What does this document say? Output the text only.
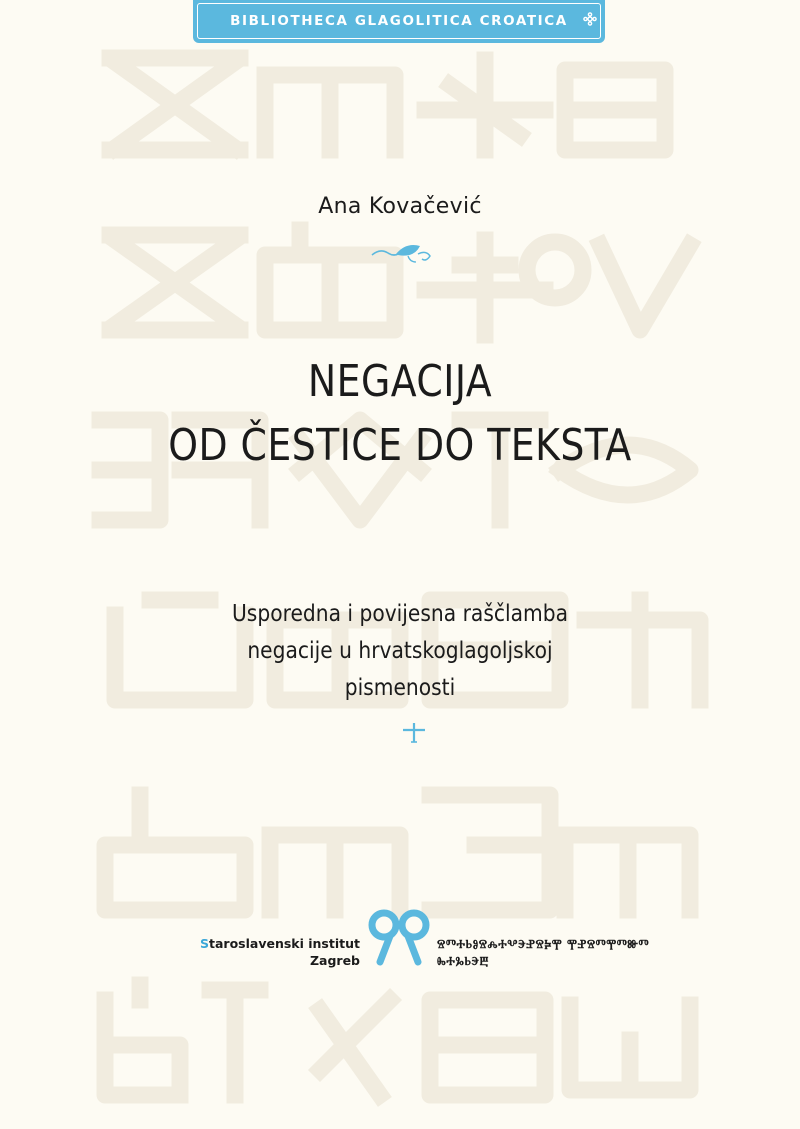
BIBLIOTHECA GLAGOLITICA CROATICA
Ana Kovačević
NEGACIJA
OD ČESTICE DO TEKSTA
Usporedna i povijesna raščlamba
negacije u hrvatskoglagoljskoj
pismenosti
Staroslavenski institut
Zagreb
ⰔⰕⰀⰓⰑⰔⰎⰀⰂⰅⰐⰔⰍⰉ ⰉⰐⰔⰕⰉⰕⰖⰕ
ⰈⰀⰃⰓⰅⰁ
